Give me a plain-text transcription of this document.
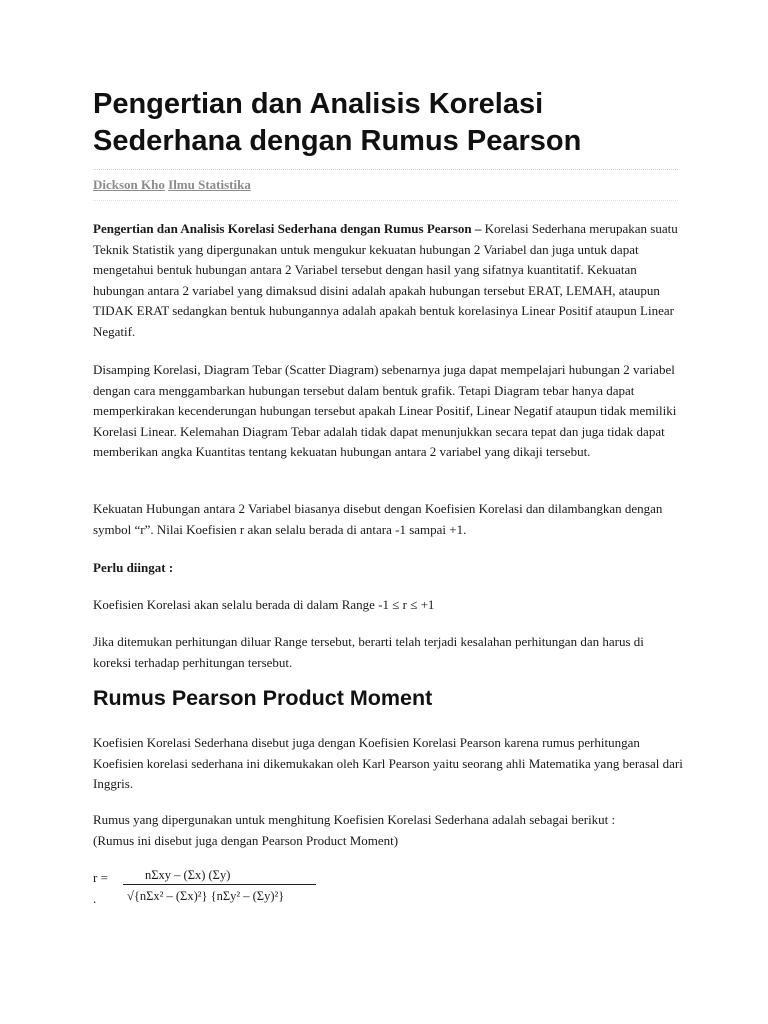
Pengertian dan Analisis Korelasi Sederhana dengan Rumus Pearson
Dickson Kho Ilmu Statistika

Pengertian dan Analisis Korelasi Sederhana dengan Rumus Pearson – Korelasi Sederhana merupakan suatu Teknik Statistik yang dipergunakan untuk mengukur kekuatan hubungan 2 Variabel dan juga untuk dapat mengetahui bentuk hubungan antara 2 Variabel tersebut dengan hasil yang sifatnya kuantitatif. Kekuatan hubungan antara 2 variabel yang dimaksud disini adalah apakah hubungan tersebut ERAT, LEMAH, ataupun TIDAK ERAT sedangkan bentuk hubungannya adalah apakah bentuk korelasinya Linear Positif ataupun Linear Negatif.

Disamping Korelasi, Diagram Tebar (Scatter Diagram) sebenarnya juga dapat mempelajari hubungan 2 variabel dengan cara menggambarkan hubungan tersebut dalam bentuk grafik. Tetapi Diagram tebar hanya dapat memperkirakan kecenderungan hubungan tersebut apakah Linear Positif, Linear Negatif ataupun tidak memiliki Korelasi Linear. Kelemahan Diagram Tebar adalah tidak dapat menunjukkan secara tepat dan juga tidak dapat memberikan angka Kuantitas tentang kekuatan hubungan antara 2 variabel yang dikaji tersebut.

Kekuatan Hubungan antara 2 Variabel biasanya disebut dengan Koefisien Korelasi dan dilambangkan dengan symbol “r”. Nilai Koefisien r akan selalu berada di antara -1 sampai +1.

Perlu diingat :

Koefisien Korelasi akan selalu berada di dalam Range -1 ≤ r ≤ +1

Jika ditemukan perhitungan diluar Range tersebut, berarti telah terjadi kesalahan perhitungan dan harus di koreksi terhadap perhitungan tersebut.

Rumus Pearson Product Moment

Koefisien Korelasi Sederhana disebut juga dengan Koefisien Korelasi Pearson karena rumus perhitungan Koefisien korelasi sederhana ini dikemukakan oleh Karl Pearson yaitu seorang ahli Matematika yang berasal dari Inggris.

Rumus yang dipergunakan untuk menghitung Koefisien Korelasi Sederhana adalah sebagai berikut :

(Rumus ini disebut juga dengan Pearson Product Moment)

r =	nΣxy – (Σx) (Σy)
. √{nΣx² – (Σx)²} {nΣy² – (Σy)²}
